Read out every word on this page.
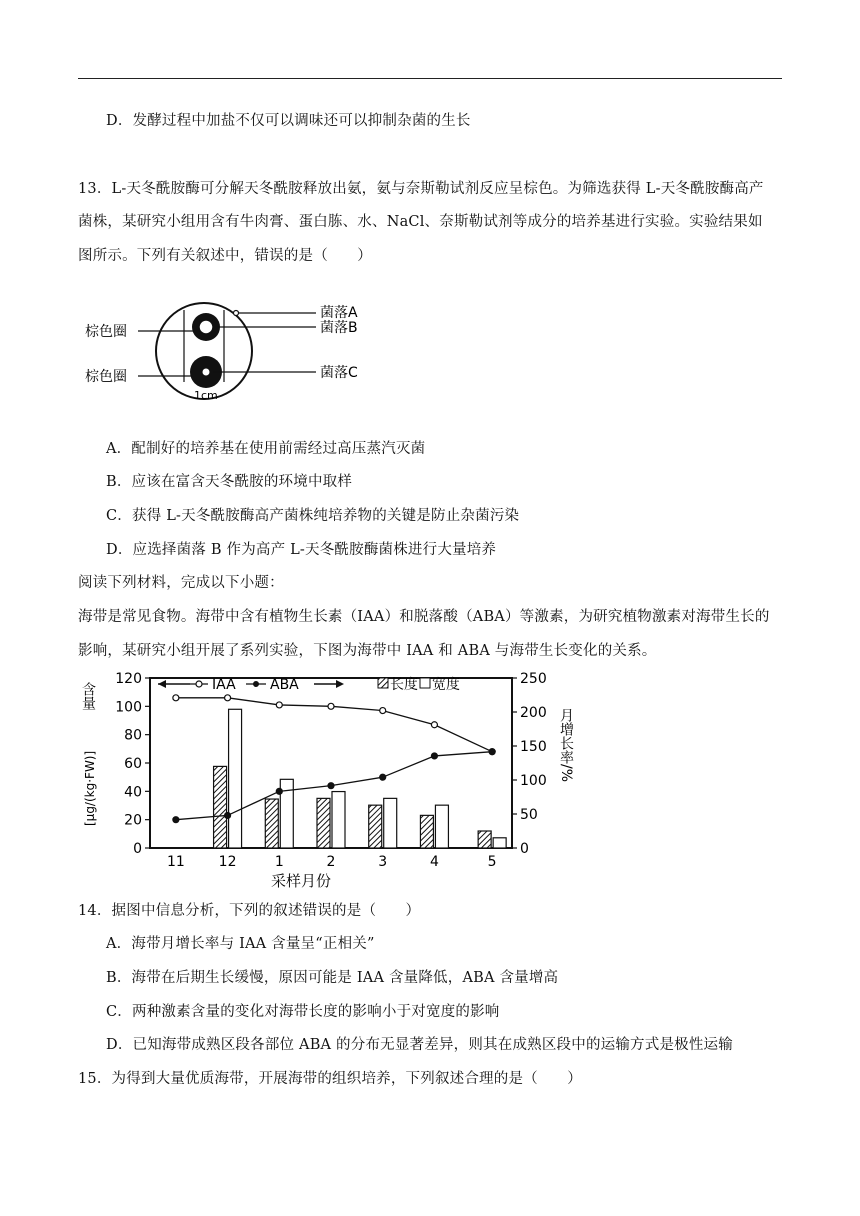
D．发酵过程中加盐不仅可以调味还可以抑制杂菌的生长
13．L-天冬酰胺酶可分解天冬酰胺释放出氨，氨与奈斯勒试剂反应呈棕色。为筛选获得 L-天冬酰胺酶高产
菌株，某研究小组用含有牛肉膏、蛋白胨、水、NaCl、奈斯勒试剂等成分的培养基进行实验。实验结果如
图所示。下列有关叙述中，错误的是（　　）
棕色圈
棕色圈
菌落A
菌落B
菌落C
1cm
A．配制好的培养基在使用前需经过高压蒸汽灭菌
B．应该在富含天冬酰胺的环境中取样
C．获得 L-天冬酰胺酶高产菌株纯培养物的关键是防止杂菌污染
D．应选择菌落 B 作为高产 L-天冬酰胺酶菌株进行大量培养
阅读下列材料，完成以下小题：
海带是常见食物。海带中含有植物生长素（IAA）和脱落酸（ABA）等激素，为研究植物激素对海带生长的
影响，某研究小组开展了系列实验，下图为海带中 IAA 和 ABA 与海带生长变化的关系。
含量
[μg/(kg·FW)]
月增长率/%
采样月份
IAA ABA	长度 宽度
0
20
40
60
80
100
120
0
50
100
150
200
250
11 12	1	2	3	4	5
14．据图中信息分析，下列的叙述错误的是（　　）
A．海带月增长率与 IAA 含量呈“正相关”
B．海带在后期生长缓慢，原因可能是 IAA 含量降低，ABA 含量增高
C．两种激素含量的变化对海带长度的影响小于对宽度的影响
D．已知海带成熟区段各部位 ABA 的分布无显著差异，则其在成熟区段中的运输方式是极性运输
15．为得到大量优质海带，开展海带的组织培养，下列叙述合理的是（　　）
